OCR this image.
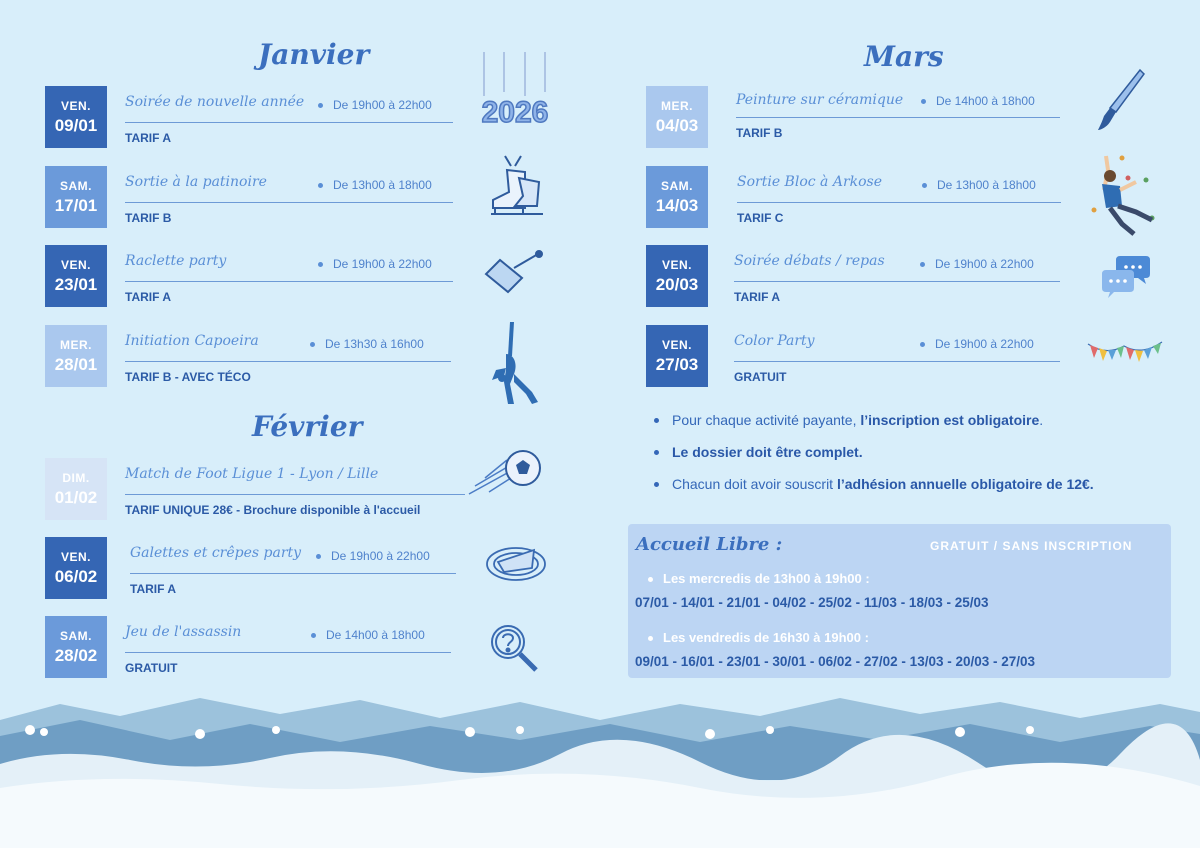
Janvier
Février
Mars
VEN.
09/01
Soirée de nouvelle année	De 19h00 à 22h00
TARIF A
SAM.
17/01
Sortie à la patinoire	De 13h00 à 18h00
TARIF B
VEN.
23/01
Raclette party	De 19h00 à 22h00
TARIF A
MER.
28/01
Initiation Capoeira	De 13h30 à 16h00
TARIF B - AVEC TÉCO
DIM.
01/02
Match de Foot Ligue 1 - Lyon / Lille
TARIF UNIQUE 28€ - Brochure disponible à l'accueil
VEN.
06/02
Galettes et crêpes party	De 19h00 à 22h00
TARIF A
SAM.
28/02
Jeu de l'assassin	De 14h00 à 18h00
GRATUIT
MER.
04/03
Peinture sur céramique	De 14h00 à 18h00
TARIF B
SAM.
14/03
Sortie Bloc à Arkose	De 13h00 à 18h00
TARIF C
VEN.
20/03
Soirée débats / repas	De 19h00 à 22h00
TARIF A
VEN.
27/03
Color Party	De 19h00 à 22h00
GRATUIT
2026
Pour chaque activité payante, l’inscription est obligatoire.
Le dossier doit être complet.
Chacun doit avoir souscrit l’adhésion annuelle obligatoire de 12€.
Accueil Libre :	GRATUIT / SANS INSCRIPTION
Les mercredis de 13h00 à 19h00 :
07/01 - 14/01 - 21/01 - 04/02 - 25/02 - 11/03 - 18/03 - 25/03
Les vendredis de 16h30 à 19h00 :
09/01 - 16/01 - 23/01 - 30/01 - 06/02 - 27/02 - 13/03 - 20/03 - 27/03
